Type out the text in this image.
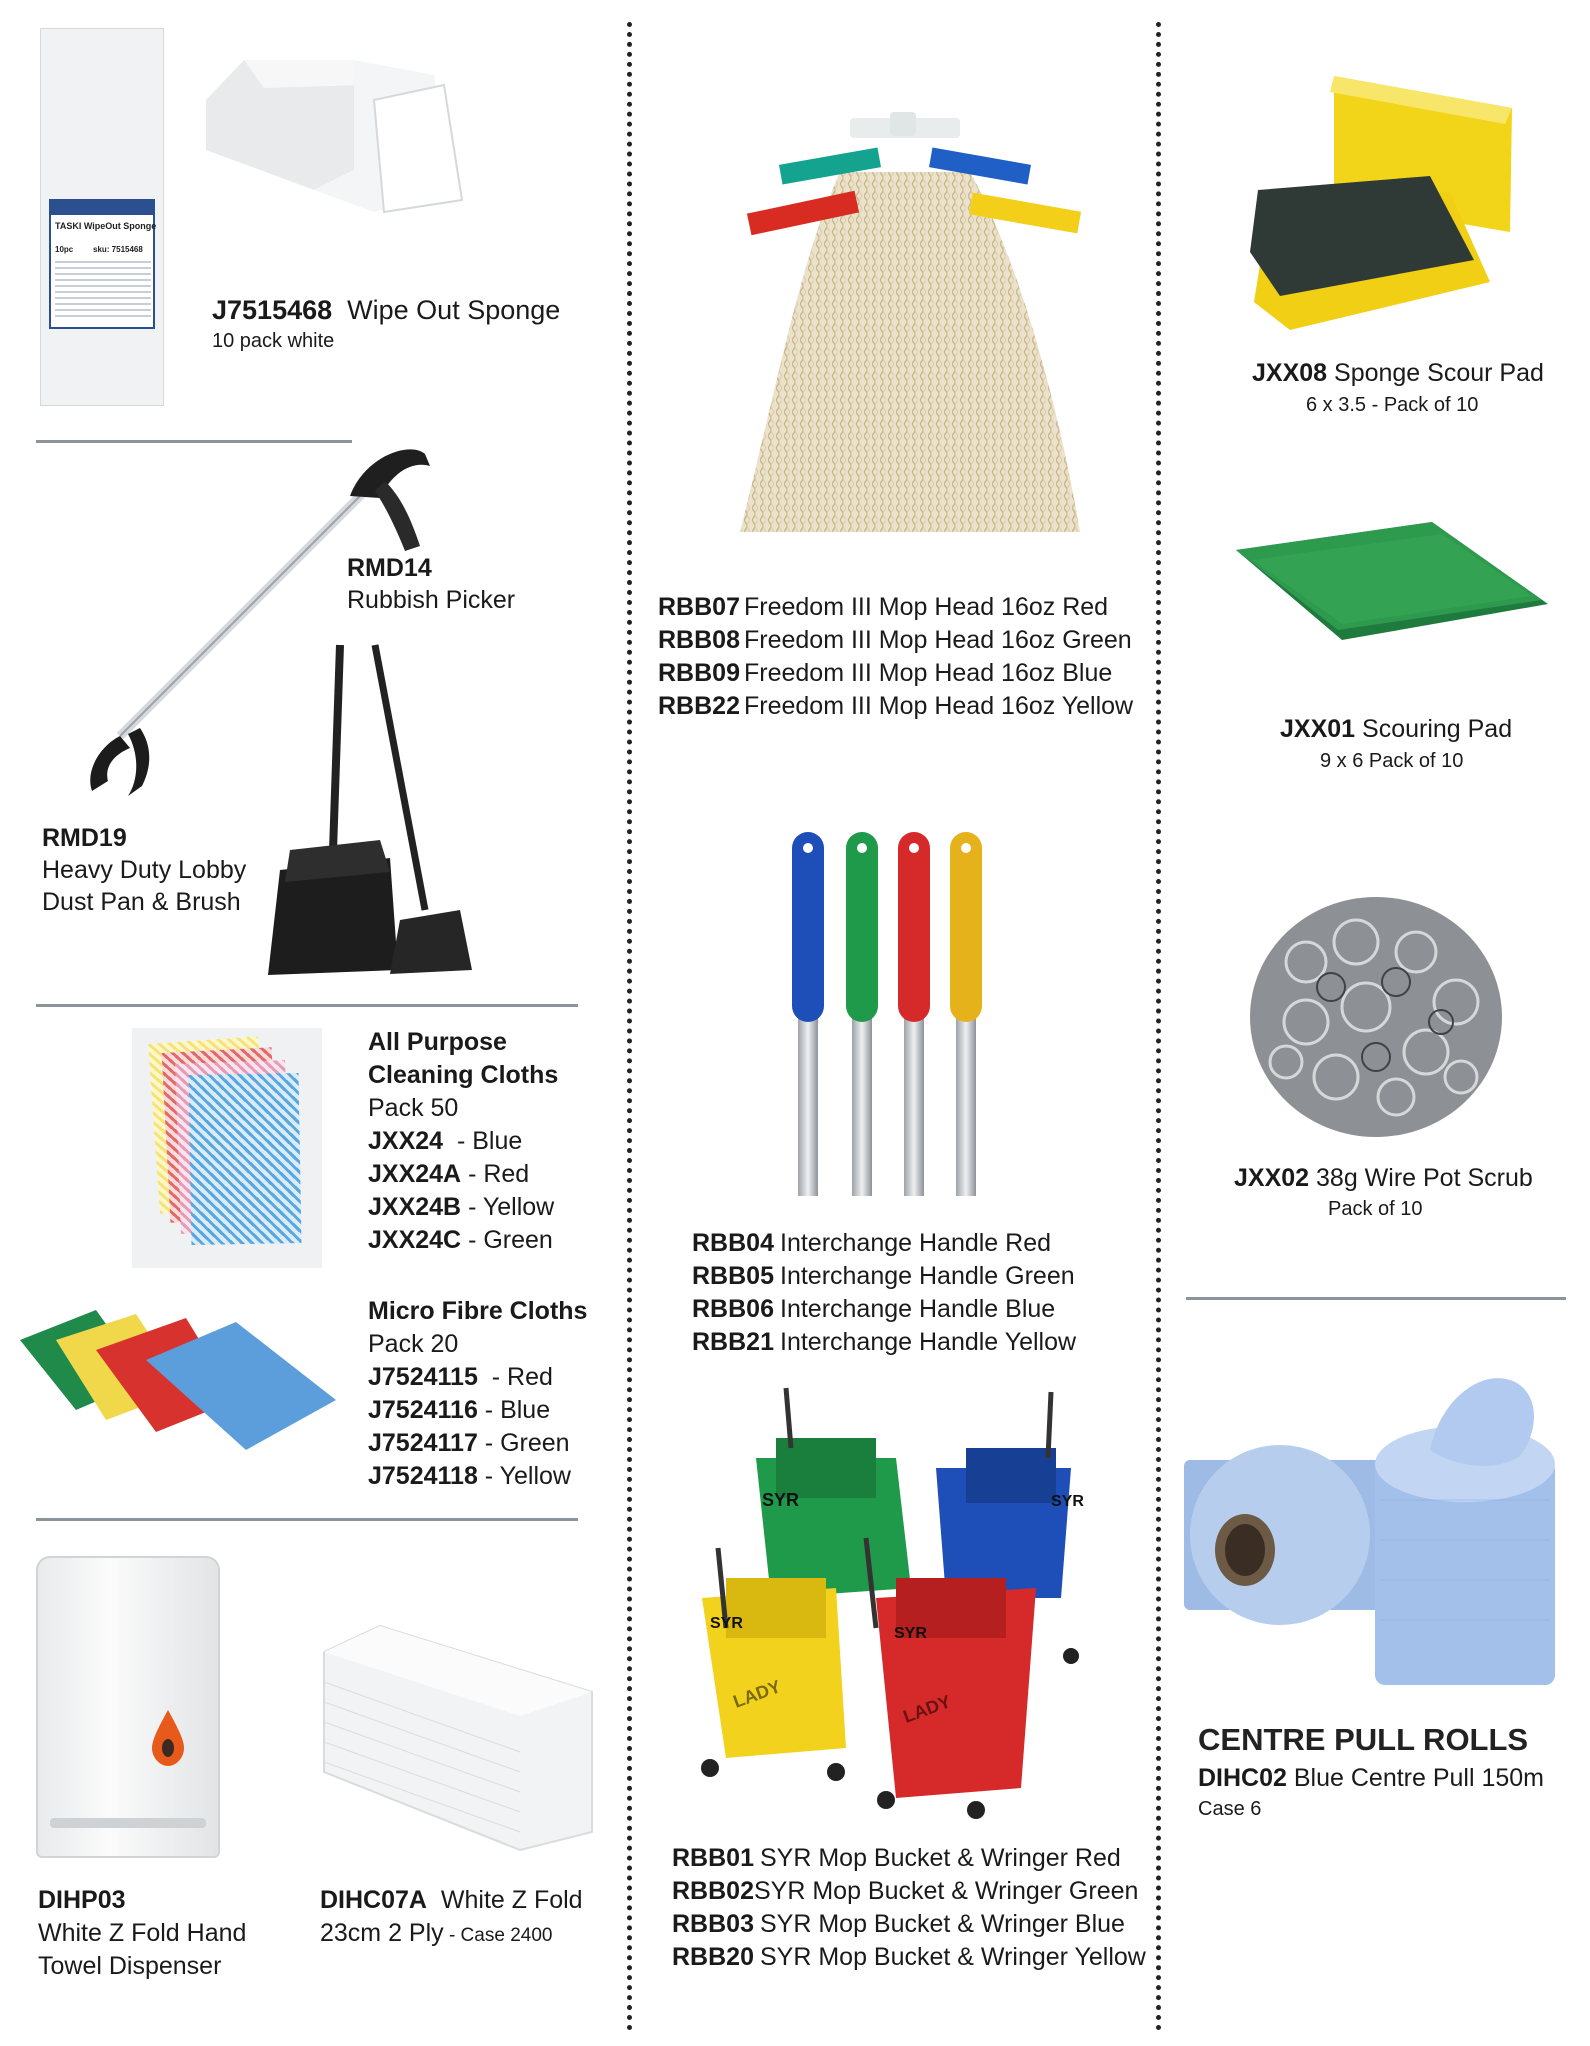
TASKI WipeOut Sponge
10pc sku: 7515468
J7515468 Wipe Out Sponge
10 pack white
RMD14
Rubbish Picker
RMD19
Heavy Duty Lobby
Dust Pan & Brush
All Purpose
Cleaning Cloths
Pack 50
JXX24  - Blue
JXX24A - Red
JXX24B - Yellow
JXX24C - Green
Micro Fibre Cloths
Pack 20
J7524115  - Red
J7524116 - Blue
J7524117 - Green
J7524118 - Yellow
DIHP03
White Z Fold Hand
Towel Dispenser
DIHC07A White Z Fold
23cm 2 Ply - Case 2400
RBB07 Freedom III Mop Head 16oz Red
RBB08 Freedom III Mop Head 16oz Green
RBB09 Freedom III Mop Head 16oz Blue
RBB22 Freedom III Mop Head 16oz Yellow
RBB04 Interchange Handle Red
RBB05 Interchange Handle Green
RBB06 Interchange Handle Blue
RBB21 Interchange Handle Yellow
SYR	SYR
SYR
LADY
SYR
LADY
RBB01 SYR Mop Bucket & Wringer Red
RBB02SYR Mop Bucket & Wringer Green
RBB03 SYR Mop Bucket & Wringer Blue
RBB20 SYR Mop Bucket & Wringer Yellow
JXX08 Sponge Scour Pad
6 x 3.5 - Pack of 10
JXX01 Scouring Pad
9 x 6 Pack of 10
JXX02 38g Wire Pot Scrub
Pack of 10
CENTRE PULL ROLLS
DIHC02 Blue Centre Pull 150m
Case 6
